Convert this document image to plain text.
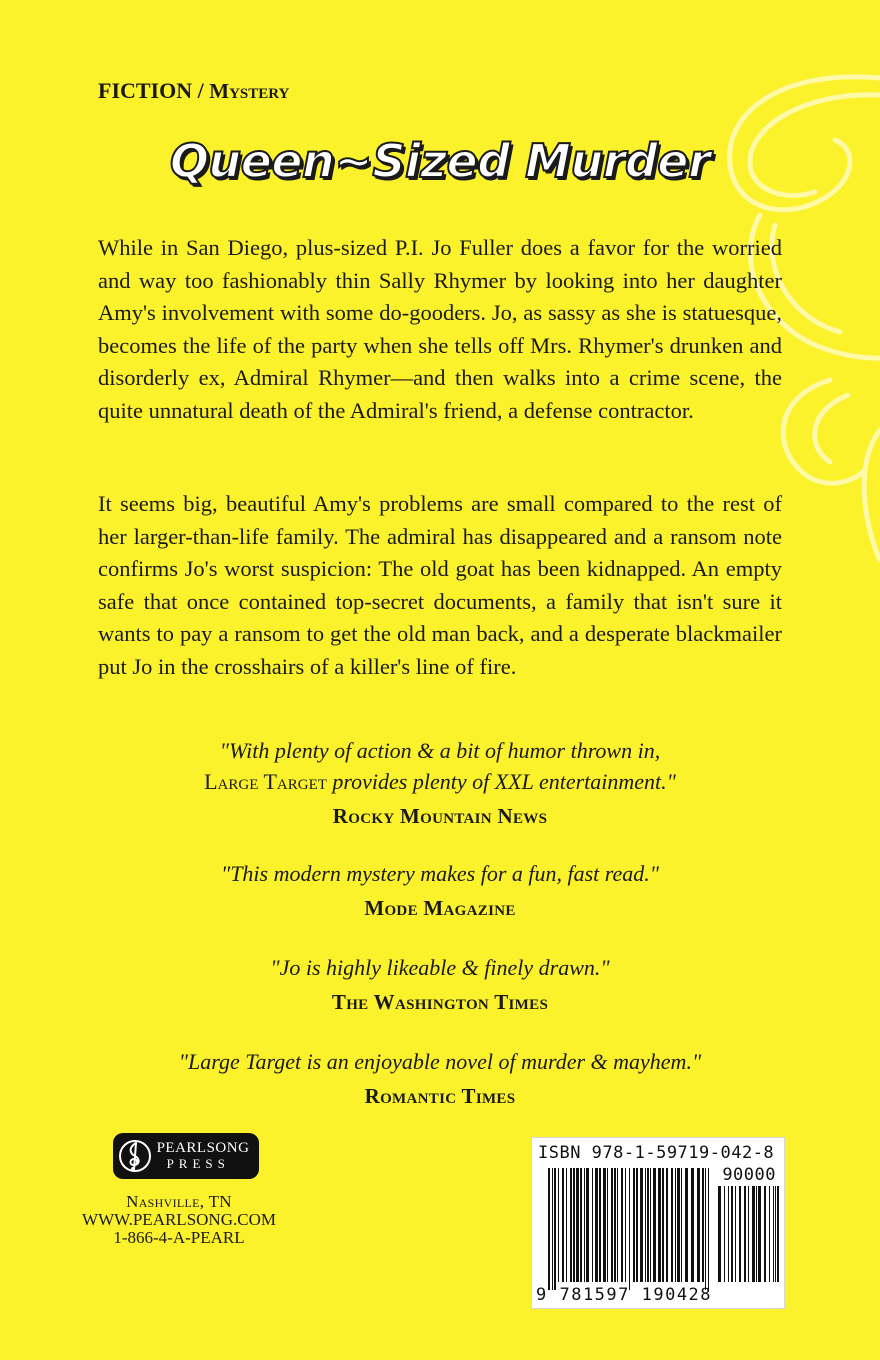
FICTION / Mystery
Queen~Sized Murder

While in San Diego, plus-sized P.I. Jo Fuller does a favor for the worried and way too fashionably thin Sally Rhymer by looking into her daughter Amy's involvement with some do-gooders. Jo, as sassy as she is statuesque, becomes the life of the party when she tells off Mrs. Rhymer's drunken and disorderly ex, Admiral Rhymer—and then walks into a crime scene, the quite unnatural death of the Admiral's friend, a defense contractor.

It seems big, beautiful Amy's problems are small compared to the rest of her larger-than-life family. The admiral has disappeared and a ransom note confirms Jo's worst suspicion: The old goat has been kidnapped. An empty safe that once contained top-secret documents, a family that isn't sure it wants to pay a ransom to get the old man back, and a desperate blackmailer put Jo in the crosshairs of a killer's line of fire.

"With plenty of action & a bit of humor thrown in,
Large Target provides plenty of XXL entertainment."

Rocky Mountain News

"This modern mystery makes for a fun, fast read."

Mode Magazine

"Jo is highly likeable & finely drawn."

The Washington Times

"Large Target is an enjoyable novel of murder & mayhem."

Romantic Times

PEARLSONG
PRESS
Nashville, TN
WWW.PEARLSONG.COM
1-866-4-A-PEARL
ISBN 978-1-59719-042-8
90000
9 781597 190428
